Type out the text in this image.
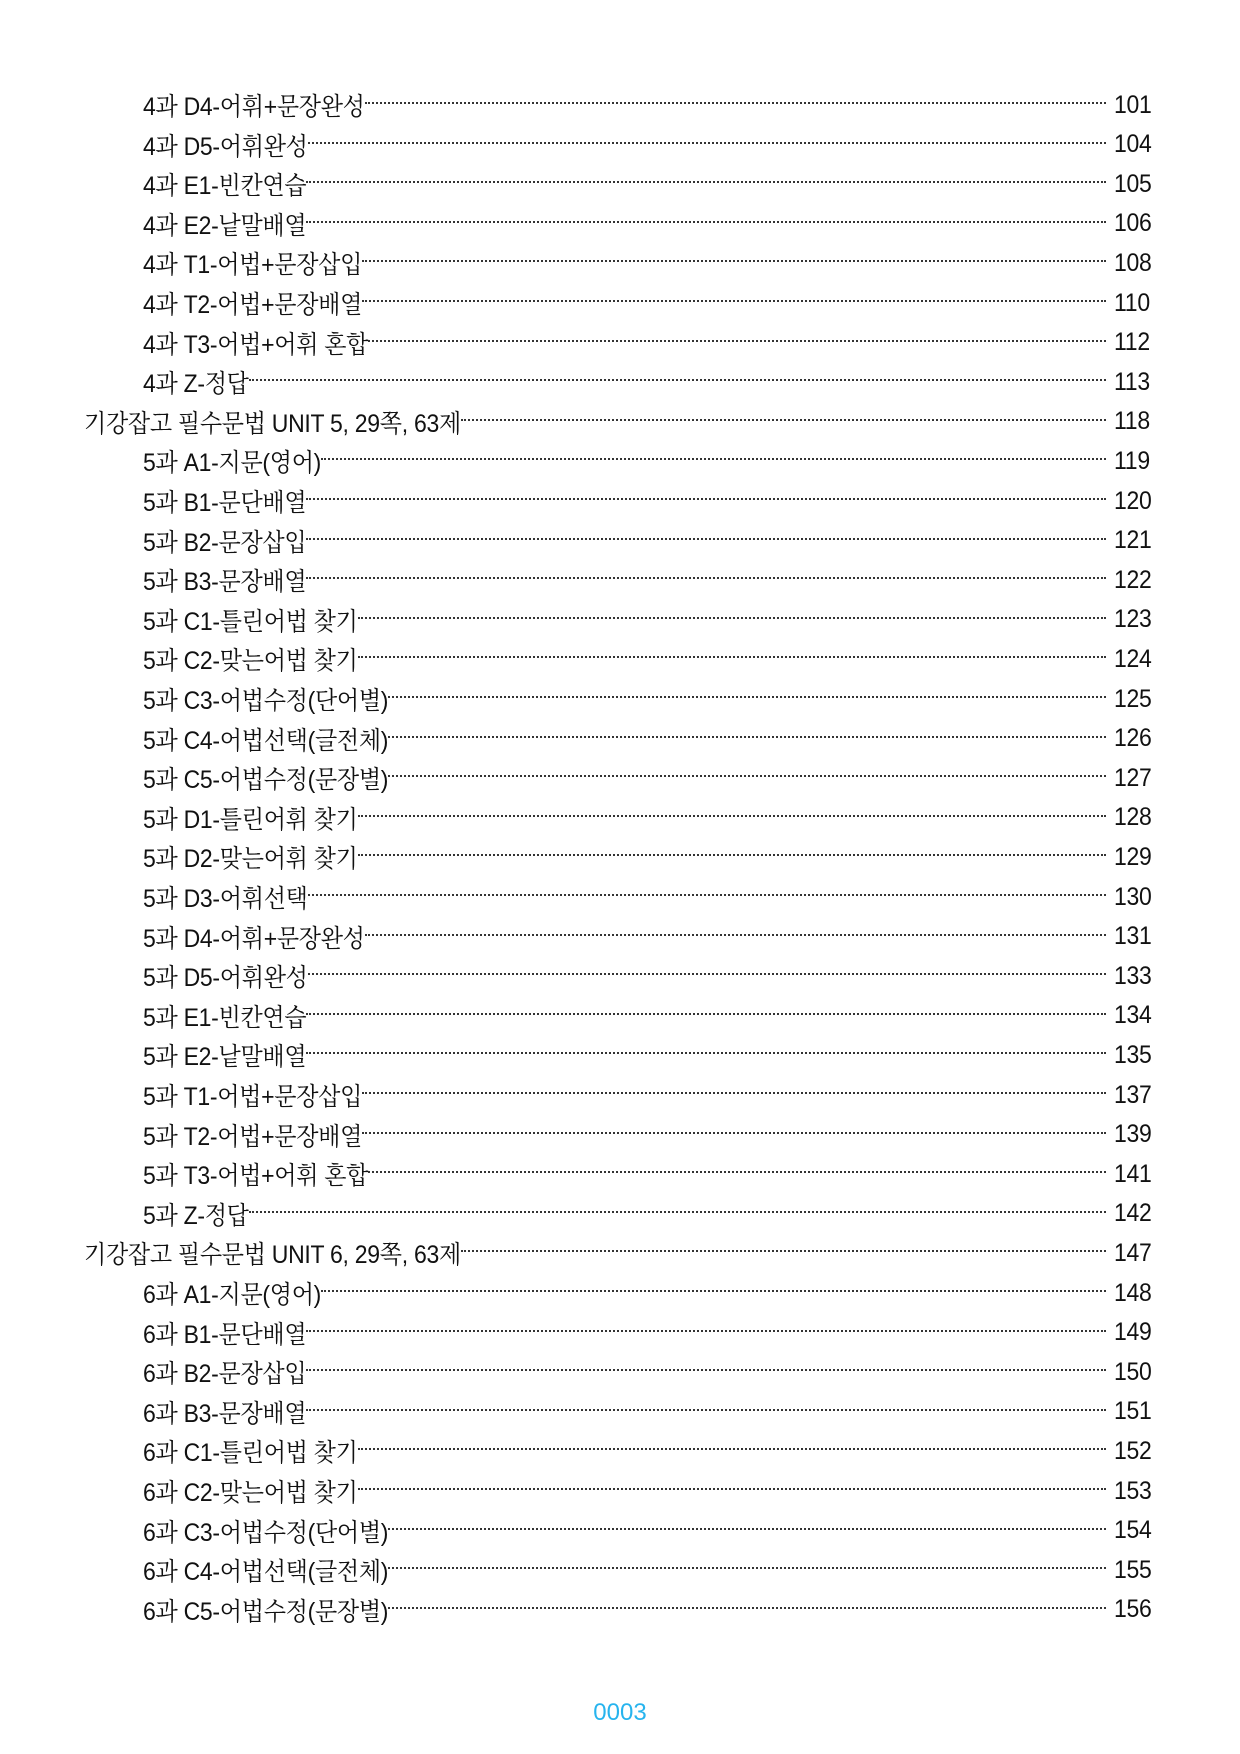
4과 D4-어휘+문장완성	101
4과 D5-어휘완성	104
4과 E1-빈칸연습	105
4과 E2-낱말배열	106
4과 T1-어법+문장삽입	108
4과 T2-어법+문장배열	110
4과 T3-어법+어휘 혼합	112
4과 Z-정답	113
기강잡고 필수문법 UNIT 5, 29쪽, 63제	118
5과 A1-지문(영어)	119
5과 B1-문단배열	120
5과 B2-문장삽입	121
5과 B3-문장배열	122
5과 C1-틀린어법 찾기	123
5과 C2-맞는어법 찾기	124
5과 C3-어법수정(단어별)	125
5과 C4-어법선택(글전체)	126
5과 C5-어법수정(문장별)	127
5과 D1-틀린어휘 찾기	128
5과 D2-맞는어휘 찾기	129
5과 D3-어휘선택	130
5과 D4-어휘+문장완성	131
5과 D5-어휘완성	133
5과 E1-빈칸연습	134
5과 E2-낱말배열	135
5과 T1-어법+문장삽입	137
5과 T2-어법+문장배열	139
5과 T3-어법+어휘 혼합	141
5과 Z-정답	142
기강잡고 필수문법 UNIT 6, 29쪽, 63제	147
6과 A1-지문(영어)	148
6과 B1-문단배열	149
6과 B2-문장삽입	150
6과 B3-문장배열	151
6과 C1-틀린어법 찾기	152
6과 C2-맞는어법 찾기	153
6과 C3-어법수정(단어별)	154
6과 C4-어법선택(글전체)	155
6과 C5-어법수정(문장별)	156
0003
